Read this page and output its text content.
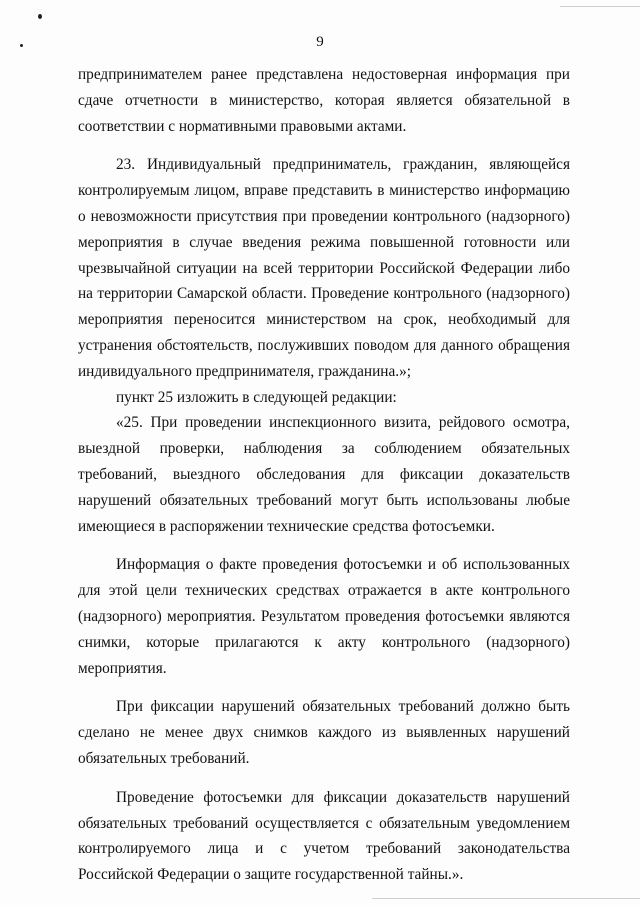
9

предпринимателем ранее представлена недостоверная информация при сдаче отчетности в министерство, которая является обязательной в соответствии с нормативными правовыми актами.

23. Индивидуальный предприниматель, гражданин, являющейся контролируемым лицом, вправе представить в министерство информацию о невозможности присутствия при проведении контрольного (надзорного) мероприятия в случае введения режима повышенной готовности или чрезвычайной ситуации на всей территории Российской Федерации либо на территории Самарской области. Проведение контрольного (надзорного) мероприятия переносится министерством на срок, необходимый для устранения обстоятельств, послуживших поводом для данного обращения индивидуального предпринимателя, гражданина.»;

пункт 25 изложить в следующей редакции:

«25. При проведении инспекционного визита, рейдового осмотра, выездной проверки, наблюдения за соблюдением обязательных требований, выездного обследования для фиксации доказательств нарушений обязательных требований могут быть использованы любые имеющиеся в распоряжении технические средства фотосъемки.

Информация о факте проведения фотосъемки и об использованных для этой цели технических средствах отражается в акте контрольного (надзорного) мероприятия. Результатом проведения фотосъемки являются снимки, которые прилагаются к акту контрольного (надзорного) мероприятия.

При фиксации нарушений обязательных требований должно быть сделано не менее двух снимков каждого из выявленных нарушений обязательных требований.

Проведение фотосъемки для фиксации доказательств нарушений обязательных требований осуществляется с обязательным уведомлением контролируемого лица и с учетом требований законодательства Российской Федерации о защите государственной тайны.».
